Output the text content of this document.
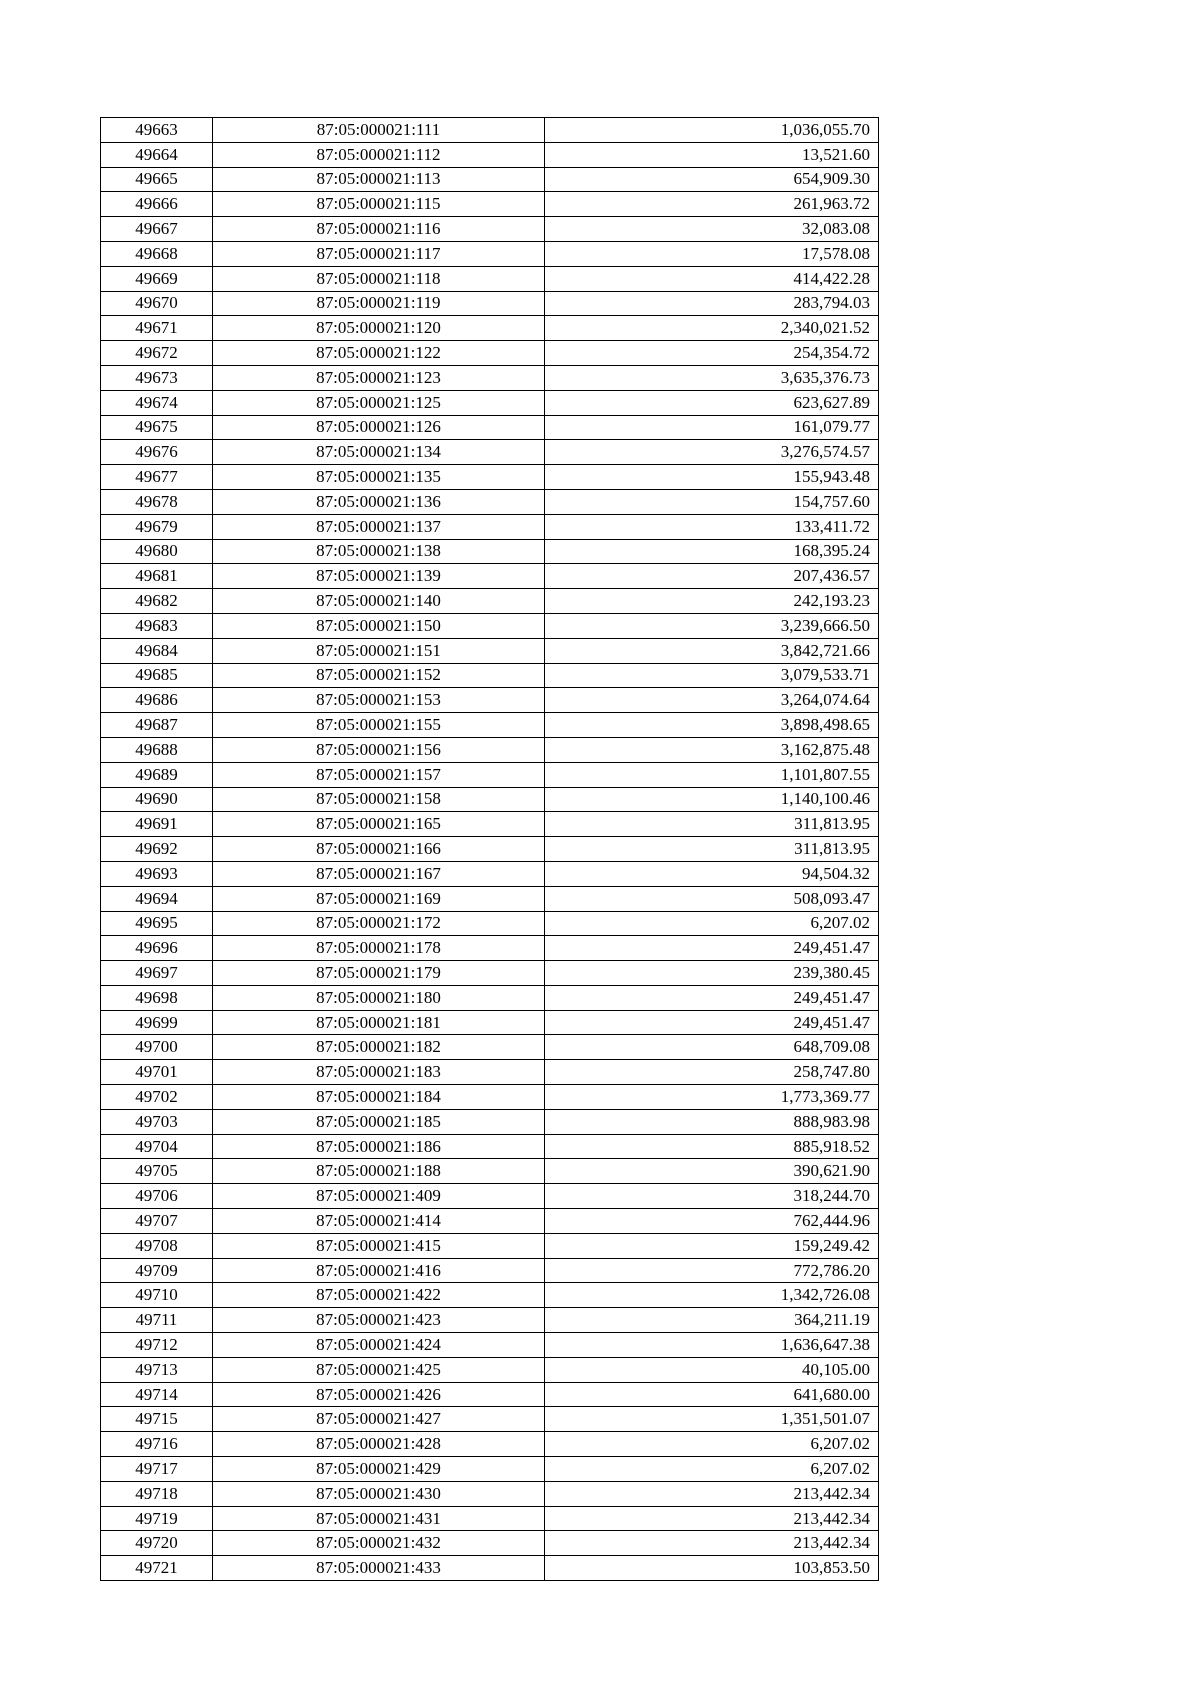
49663	87:05:000021:111	1,036,055.70
49664	87:05:000021:112	13,521.60
49665	87:05:000021:113	654,909.30
49666	87:05:000021:115	261,963.72
49667	87:05:000021:116	32,083.08
49668	87:05:000021:117	17,578.08
49669	87:05:000021:118	414,422.28
49670	87:05:000021:119	283,794.03
49671	87:05:000021:120	2,340,021.52
49672	87:05:000021:122	254,354.72
49673	87:05:000021:123	3,635,376.73
49674	87:05:000021:125	623,627.89
49675	87:05:000021:126	161,079.77
49676	87:05:000021:134	3,276,574.57
49677	87:05:000021:135	155,943.48
49678	87:05:000021:136	154,757.60
49679	87:05:000021:137	133,411.72
49680	87:05:000021:138	168,395.24
49681	87:05:000021:139	207,436.57
49682	87:05:000021:140	242,193.23
49683	87:05:000021:150	3,239,666.50
49684	87:05:000021:151	3,842,721.66
49685	87:05:000021:152	3,079,533.71
49686	87:05:000021:153	3,264,074.64
49687	87:05:000021:155	3,898,498.65
49688	87:05:000021:156	3,162,875.48
49689	87:05:000021:157	1,101,807.55
49690	87:05:000021:158	1,140,100.46
49691	87:05:000021:165	311,813.95
49692	87:05:000021:166	311,813.95
49693	87:05:000021:167	94,504.32
49694	87:05:000021:169	508,093.47
49695	87:05:000021:172	6,207.02
49696	87:05:000021:178	249,451.47
49697	87:05:000021:179	239,380.45
49698	87:05:000021:180	249,451.47
49699	87:05:000021:181	249,451.47
49700	87:05:000021:182	648,709.08
49701	87:05:000021:183	258,747.80
49702	87:05:000021:184	1,773,369.77
49703	87:05:000021:185	888,983.98
49704	87:05:000021:186	885,918.52
49705	87:05:000021:188	390,621.90
49706	87:05:000021:409	318,244.70
49707	87:05:000021:414	762,444.96
49708	87:05:000021:415	159,249.42
49709	87:05:000021:416	772,786.20
49710	87:05:000021:422	1,342,726.08
49711	87:05:000021:423	364,211.19
49712	87:05:000021:424	1,636,647.38
49713	87:05:000021:425	40,105.00
49714	87:05:000021:426	641,680.00
49715	87:05:000021:427	1,351,501.07
49716	87:05:000021:428	6,207.02
49717	87:05:000021:429	6,207.02
49718	87:05:000021:430	213,442.34
49719	87:05:000021:431	213,442.34
49720	87:05:000021:432	213,442.34
49721	87:05:000021:433	103,853.50
